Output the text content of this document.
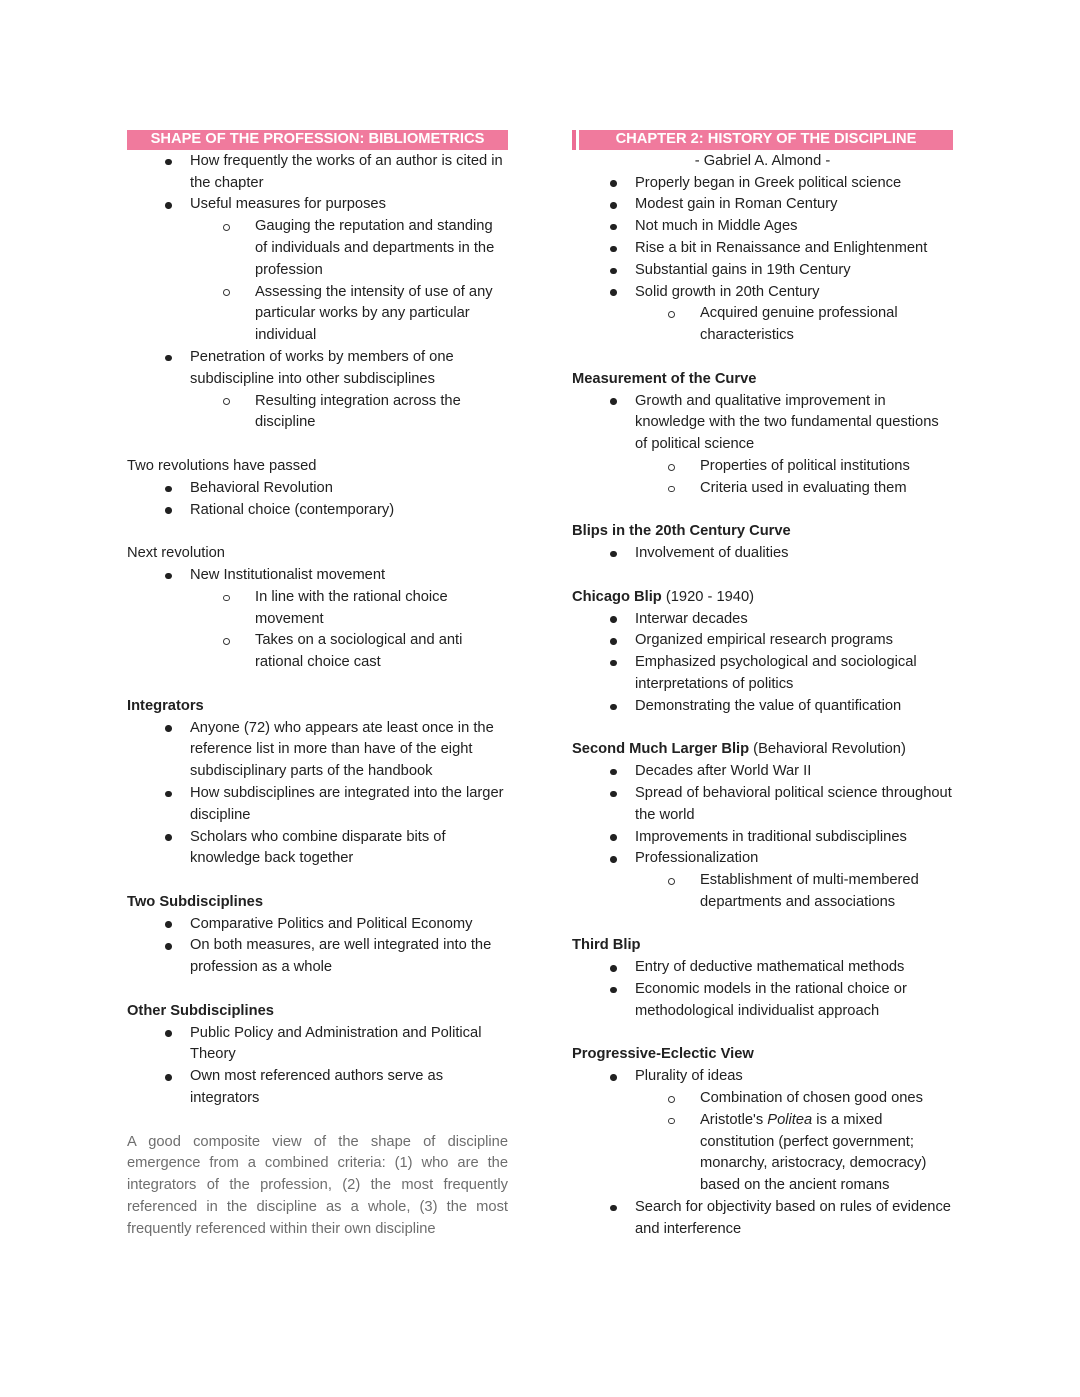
SHAPE OF THE PROFESSION: BIBLIOMETRICS
How frequently the works of an author is cited in the chapter
Useful measures for purposes
Gauging the reputation and standing of individuals and departments in the profession
Assessing the intensity of use of any particular works by any particular individual
Penetration of works by members of one subdiscipline into other subdisciplines
Resulting integration across the discipline
Two revolutions have passed
Behavioral Revolution
Rational choice (contemporary)
Next revolution
New Institutionalist movement
In line with the rational choice movement
Takes on a sociological and anti rational choice cast
Integrators
Anyone (72) who appears ate least once in the reference list in more than have of the eight subdisciplinary parts of the handbook
How subdisciplines are integrated into the larger discipline
Scholars who combine disparate bits of knowledge back together
Two Subdisciplines
Comparative Politics and Political Economy
On both measures, are well integrated into the profession as a whole
Other Subdisciplines
Public Policy and Administration and Political Theory
Own most referenced authors serve as integrators
A good composite view of the shape of discipline emergence from a combined criteria: (1) who are the integrators of the profession, (2) the most frequently referenced in the discipline as a whole, (3) the most frequently referenced within their own discipline
CHAPTER 2: HISTORY OF THE DISCIPLINE
- Gabriel A. Almond -
Properly began in Greek political science
Modest gain in Roman Century
Not much in Middle Ages
Rise a bit in Renaissance and Enlightenment
Substantial gains in 19th Century
Solid growth in 20th Century
Acquired genuine professional characteristics
Measurement of the Curve
Growth and qualitative improvement in knowledge with the two fundamental questions of political science
Properties of political institutions
Criteria used in evaluating them
Blips in the 20th Century Curve
Involvement of dualities
Chicago Blip (1920 - 1940)
Interwar decades
Organized empirical research programs
Emphasized psychological and sociological interpretations of politics
Demonstrating the value of quantification
Second Much Larger Blip (Behavioral Revolution)
Decades after World War II
Spread of behavioral political science throughout the world
Improvements in traditional subdisciplines
Professionalization
Establishment of multi-membered departments and associations
Third Blip
Entry of deductive mathematical methods
Economic models in the rational choice or methodological individualist approach
Progressive-Eclectic View
Plurality of ideas
Combination of chosen good ones
Aristotle's Politea is a mixed constitution (perfect government; monarchy, aristocracy, democracy) based on the ancient romans
Search for objectivity based on rules of evidence and interference
